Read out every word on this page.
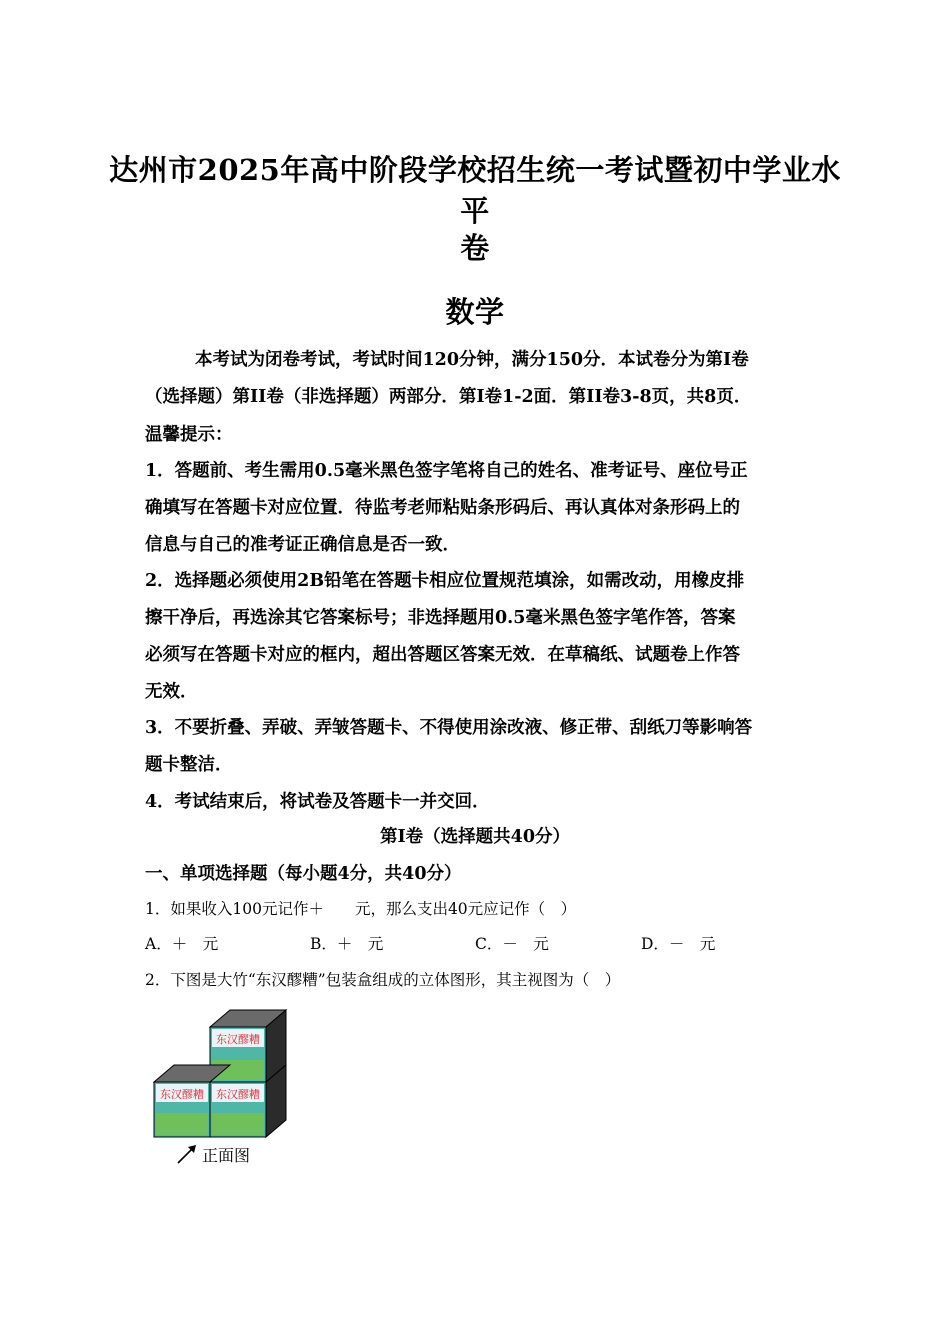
达州市2025年高中阶段学校招生统一考试暨初中学业水平
卷
数学
本考试为闭卷考试，考试时间120分钟，满分150分．本试卷分为第I卷
（选择题）第II卷（非选择题）两部分．第I卷1-2面．第II卷3-8页，共8页．
温馨提示：
1．答题前、考生需用0.5毫米黑色签字笔将自己的姓名、准考证号、座位号正
确填写在答题卡对应位置．待监考老师粘贴条形码后、再认真体对条形码上的
信息与自己的准考证正确信息是否一致．
2．选择题必须使用2B铅笔在答题卡相应位置规范填涂，如需改动，用橡皮排
擦干净后，再选涂其它答案标号；非选择题用0.5毫米黑色签字笔作答，答案
必须写在答题卡对应的框内，超出答题区答案无效．在草稿纸、试题卷上作答
无效．
3．不要折叠、弄破、弄皱答题卡、不得使用涂改液、修正带、刮纸刀等影响答
题卡整洁．
4．考试结束后，将试卷及答题卡一并交回．
第I卷（选择题共40分）
一、单项选择题（每小题4分，共40分）
1．如果收入100元记作＋　　元，那么支出40元应记作（　）
A．＋　元	B．＋　元	C．－　元	D．－　元
2．下图是大竹“东汉醪糟”包装盒组成的立体图形，其主视图为（　）
东汉醪糟
东汉醪糟
东汉醪糟
正面图
